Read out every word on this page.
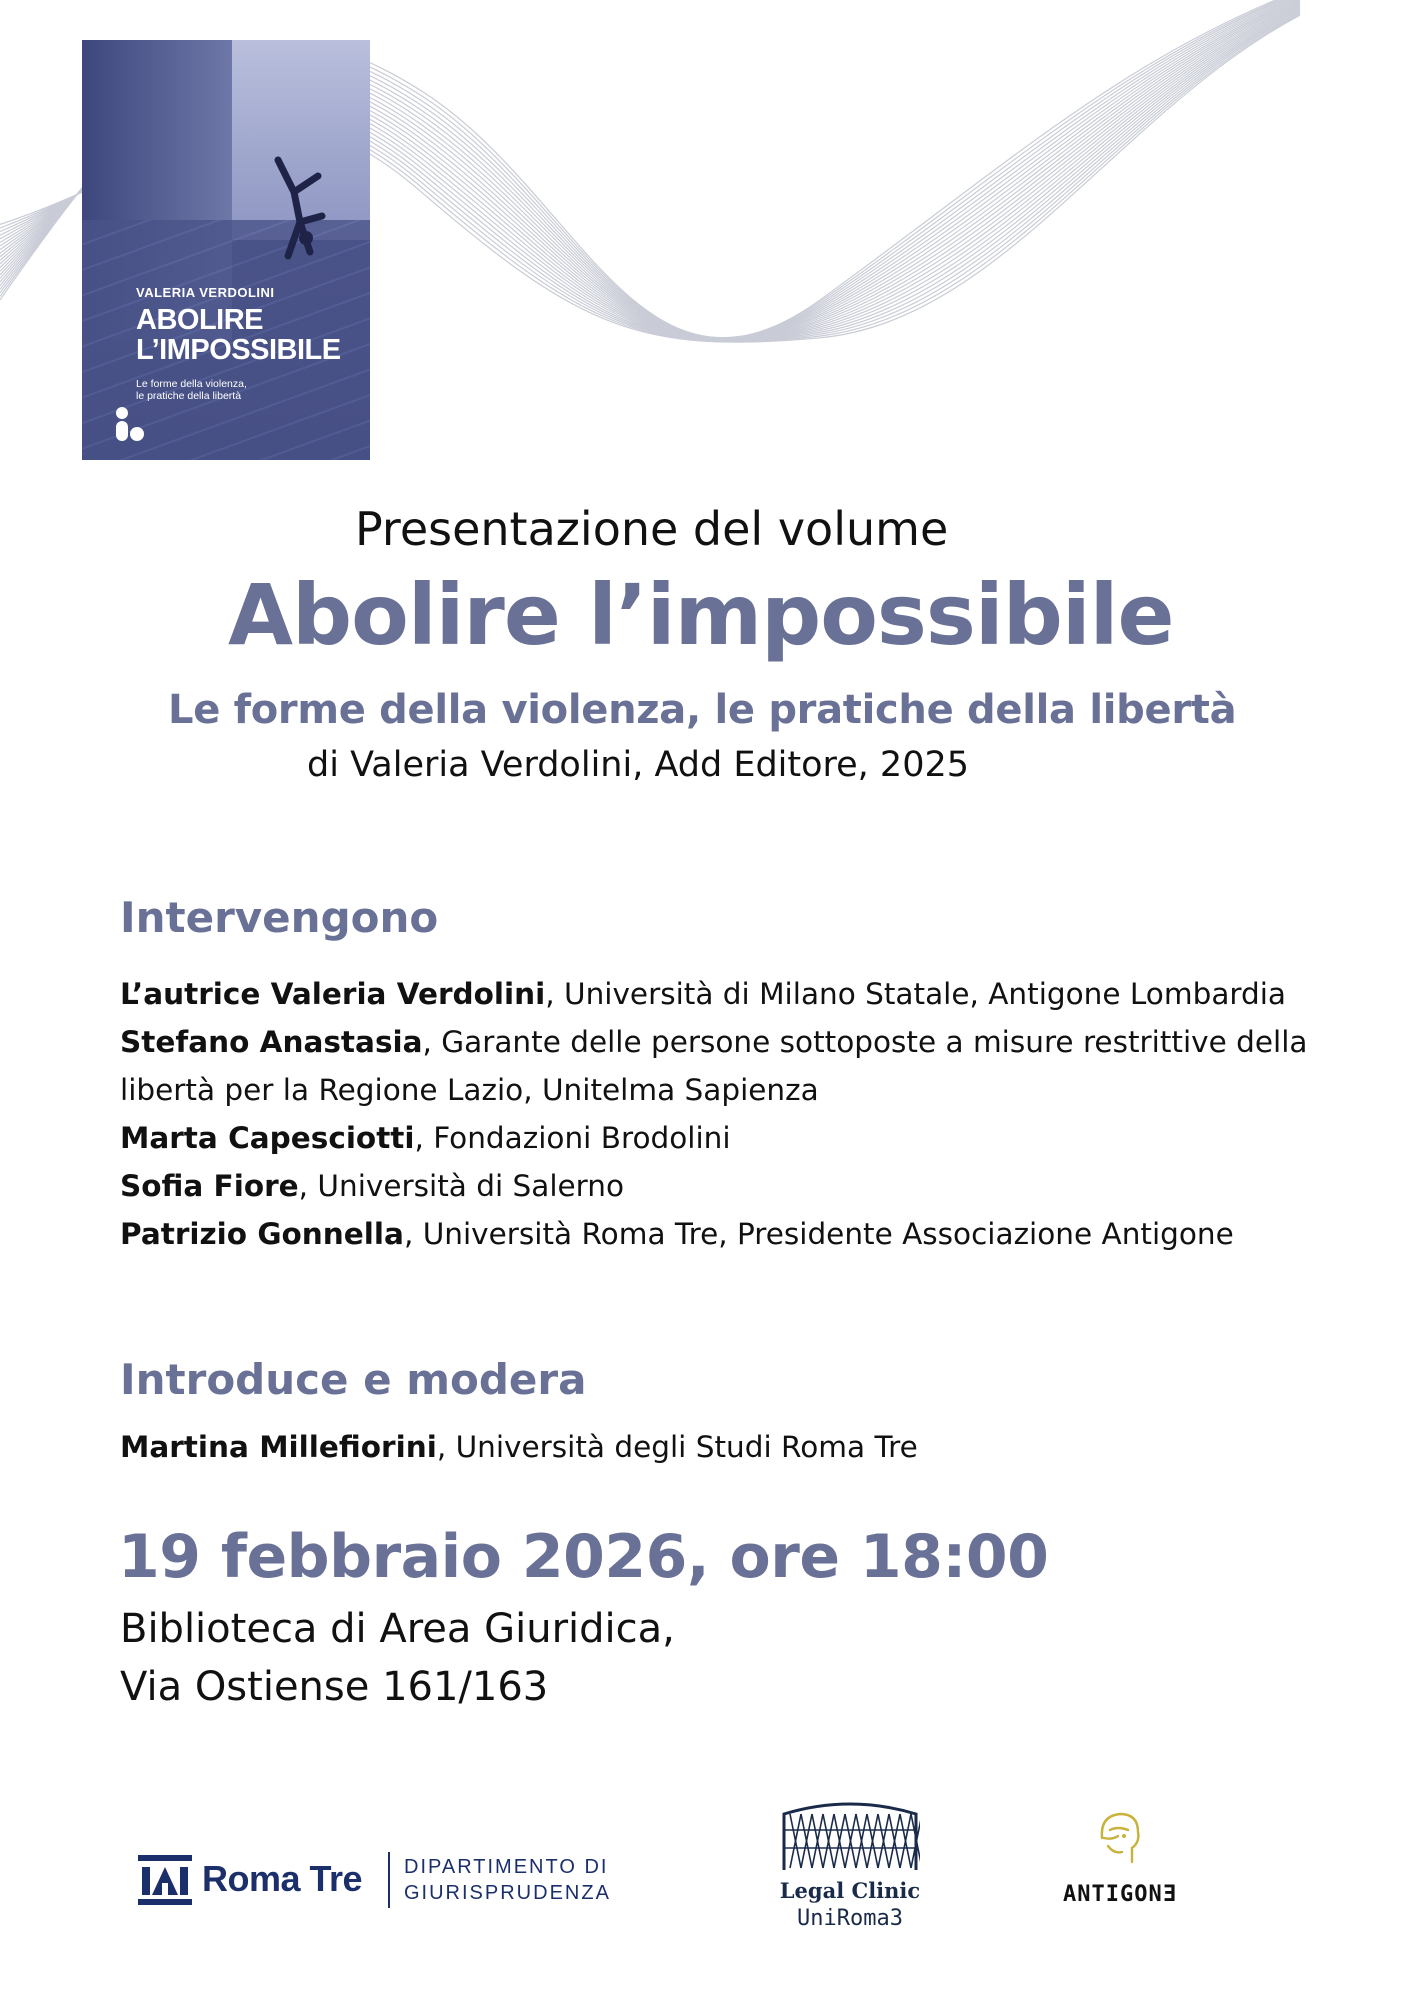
VALERIA VERDOLINI
ABOLIRE
L’IMPOSSIBILE
Le forme della violenza,
le pratiche della libertà
Presentazione del volume
Abolire l’impossibile
Le forme della violenza, le pratiche della libertà
di Valeria Verdolini, Add Editore, 2025
Intervengono
L’autrice Valeria Verdolini, Università di Milano Statale, Antigone Lombardia
Stefano Anastasia, Garante delle persone sottoposte a misure restrittive della libertà per la Regione Lazio, Unitelma Sapienza
Marta Capesciotti, Fondazioni Brodolini
Sofia Fiore, Università di Salerno
Patrizio Gonnella, Università Roma Tre, Presidente Associazione Antigone
Introduce e modera
Martina Millefiorini, Università degli Studi Roma Tre
19 febbraio 2026, ore 18:00
Biblioteca di Area Giuridica,
Via Ostiense 161/163
Roma Tre DIPARTIMENTO DI
GIURISPRUDENZA	Legal Clinic
UniRoma3
ANTIGONƎ
